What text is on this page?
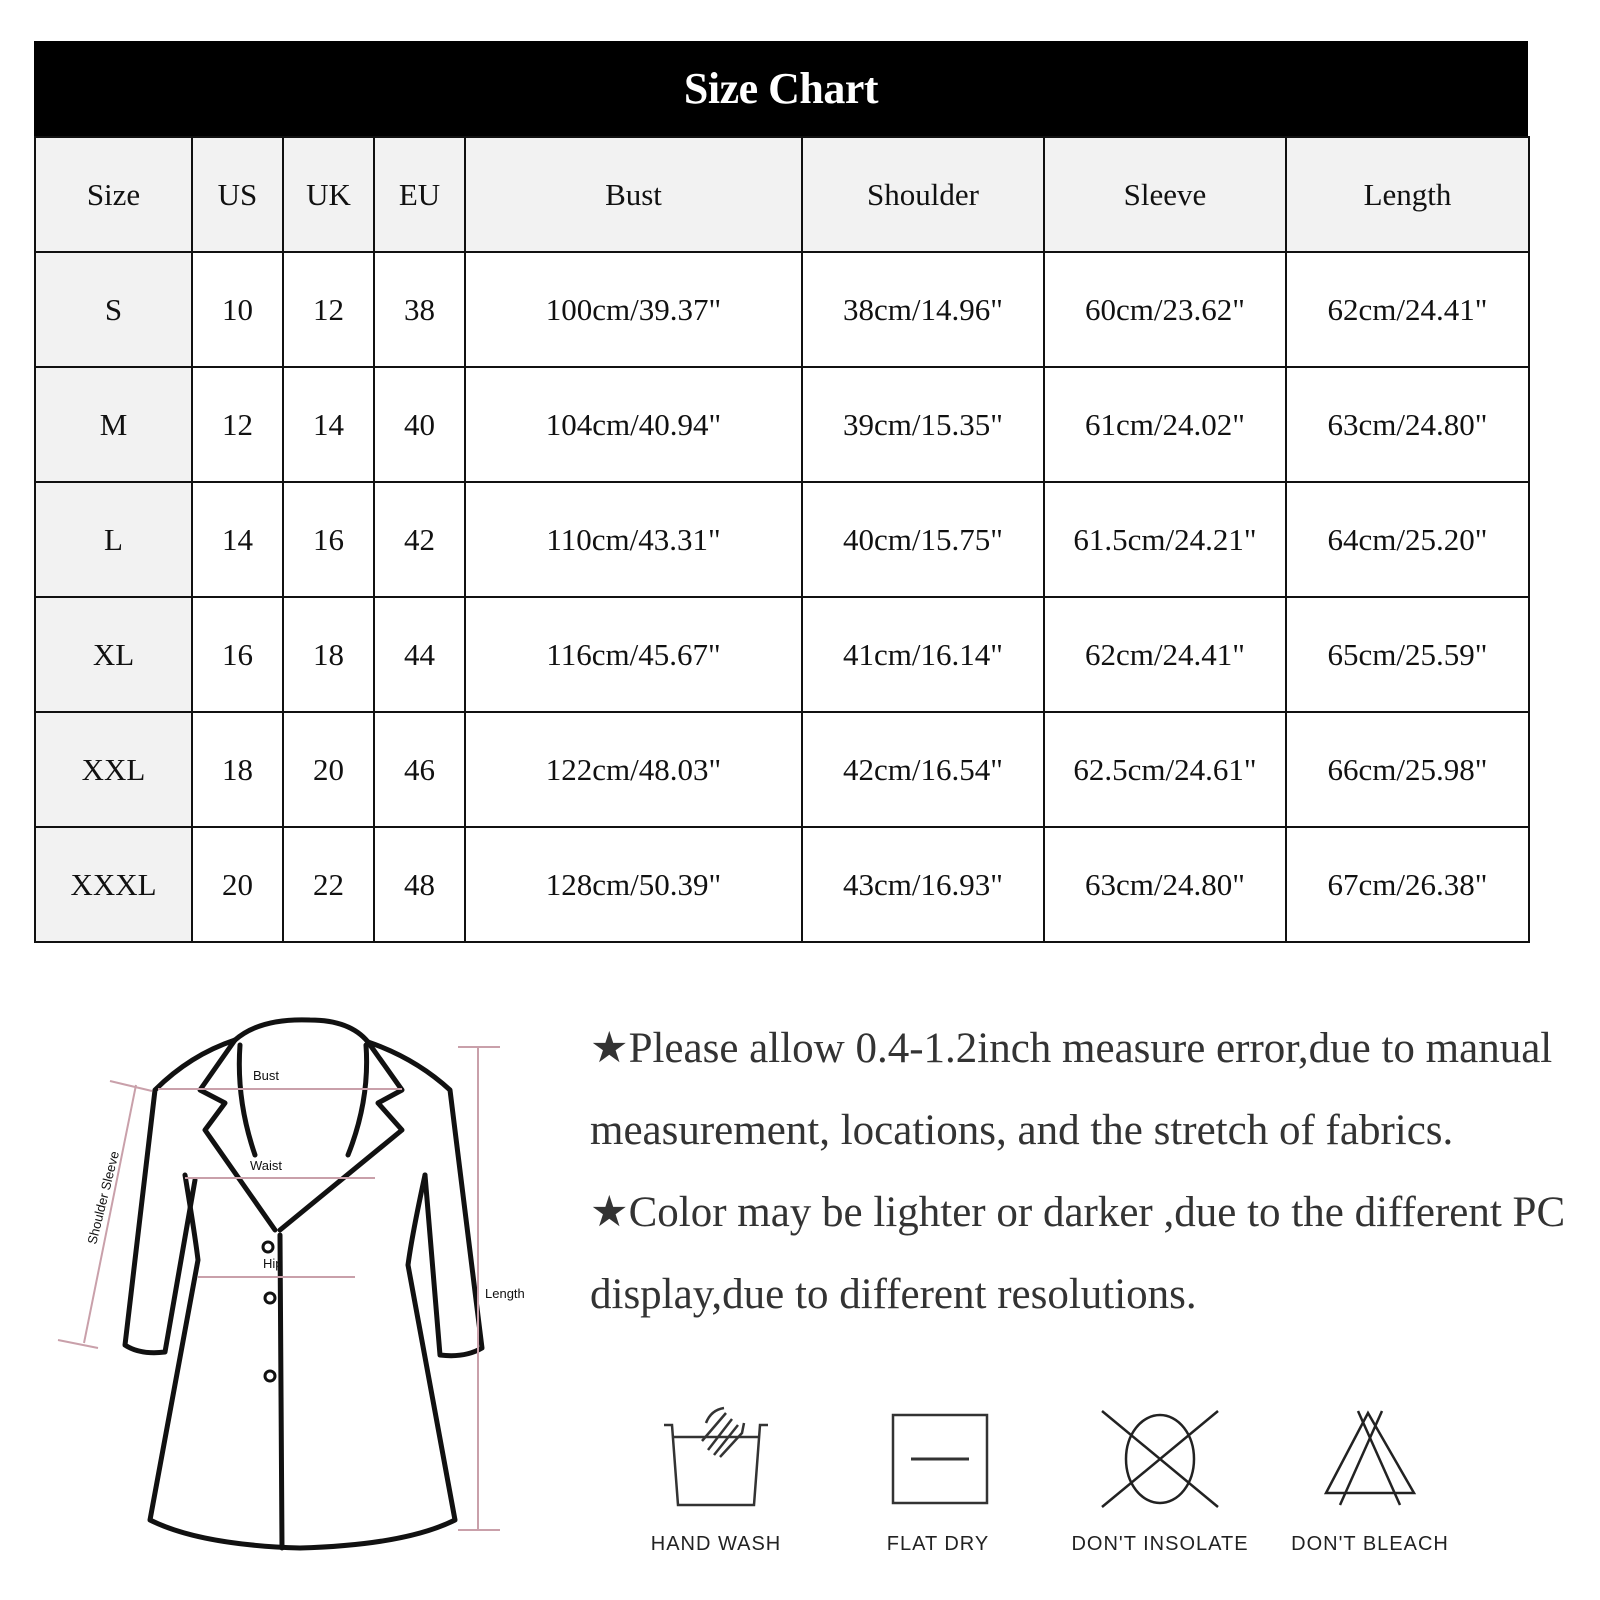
Size Chart
Size	US	UK	EU	Bust	Shoulder	Sleeve	Length
S	10	12	38	100cm/39.37"	38cm/14.96"	60cm/23.62"	62cm/24.41"
M	12	14	40	104cm/40.94"	39cm/15.35"	61cm/24.02"	63cm/24.80"
L	14	16	42	110cm/43.31"	40cm/15.75"	61.5cm/24.21"	64cm/25.20"
XL	16	18	44	116cm/45.67"	41cm/16.14"	62cm/24.41"	65cm/25.59"
XXL	18	20	46	122cm/48.03"	42cm/16.54"	62.5cm/24.61"	66cm/25.98"
XXXL	20	22	48	128cm/50.39"	43cm/16.93"	63cm/24.80"	67cm/26.38"
Bust
Waist
Hip
Length
Shoulder Sleeve

★Please allow 0.4-1.2inch measure error,due to manual measurement, locations, and the stretch of fabrics.

★Color may be lighter or darker ,due to the different PC display,due to different resolutions.

HAND WASH	FLAT DRY	DON'T INSOLATE	DON'T BLEACH
